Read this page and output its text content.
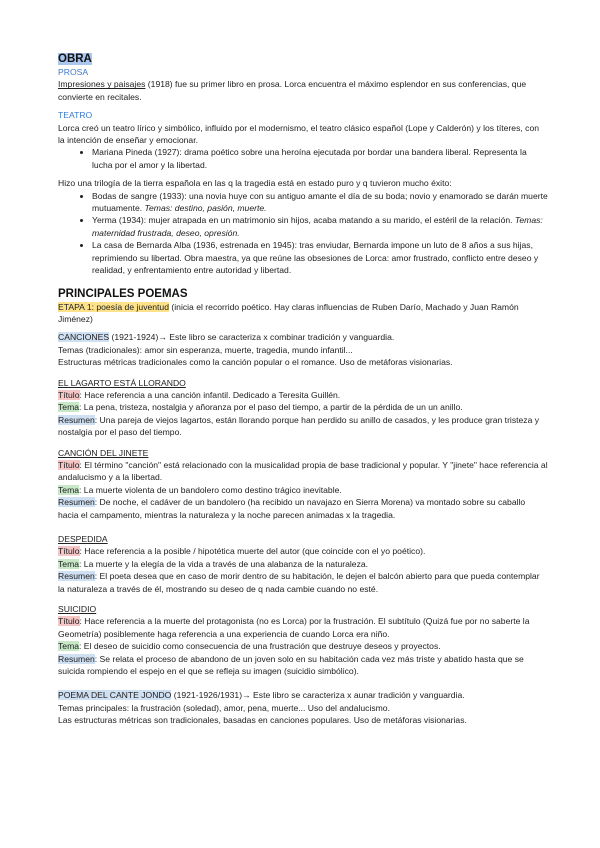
OBRA

PROSA

Impresiones y paisajes (1918) fue su primer libro en prosa. Lorca encuentra el máximo esplendor en sus conferencias, que convierte en recitales.

TEATRO

Lorca creó un teatro lírico y simbólico, influido por el modernismo, el teatro clásico español (Lope y Calderón) y los títeres, con la intención de enseñar y emocionar.

• Mariana Pineda (1927): drama poético sobre una heroína ejecutada por bordar una bandera liberal. Representa la lucha por el amor y la libertad.

Hizo una trilogía de la tierra española en las q la tragedia está en estado puro y q tuvieron mucho éxito:

• Bodas de sangre (1933): una novia huye con su antiguo amante el día de su boda; novio y enamorado se darán muerte mutuamente. Temas: destino, pasión, muerte.
• Yerma (1934): mujer atrapada en un matrimonio sin hijos, acaba matando a su marido, el estéril de la relación. Temas: maternidad frustrada, deseo, opresión.
• La casa de Bernarda Alba (1936, estrenada en 1945): tras enviudar, Bernarda impone un luto de 8 años a sus hijas, reprimiendo su libertad. Obra maestra, ya que reúne las obsesiones de Lorca: amor frustrado, conflicto entre deseo y realidad, y enfrentamiento entre autoridad y libertad.

PRINCIPALES POEMAS

ETAPA 1: poesía de juventud (inicia el recorrido poético. Hay claras influencias de Ruben Darío, Machado y Juan Ramón Jiménez)

CANCIONES (1921-1924)→ Este libro se caracteriza x combinar tradición y vanguardia.

Temas (tradicionales): amor sin esperanza, muerte, tragedia, mundo infantil...

Estructuras métricas tradicionales como la canción popular o el romance. Uso de metáforas visionarias.

EL LAGARTO ESTÁ LLORANDO

Título: Hace referencia a una canción infantil. Dedicado a Teresita Guillén.

Tema: La pena, tristeza, nostalgia y añoranza por el paso del tiempo, a partir de la pérdida de un un anillo.

Resumen: Una pareja de viejos lagartos, están llorando porque han perdido su anillo de casados, y les produce gran tristeza y nostalgia por el paso del tiempo.

CANCIÓN DEL JINETE

Título: El término "canción" está relacionado con la musicalidad propia de base tradicional y popular. Y "jinete" hace referencia al andalucismo y a la libertad.

Tema: La muerte violenta de un bandolero como destino trágico inevitable.

Resumen: De noche, el cadáver de un bandolero (ha recibido un navajazo en Sierra Morena) va montado sobre su caballo hacia el campamento, mientras la naturaleza y la noche parecen animadas x la tragedia.

DESPEDIDA

Título: Hace referencia a la posible / hipotética muerte del autor (que coincide con el yo poético).

Tema: La muerte y la elegía de la vida a través de una alabanza de la naturaleza.

Resumen: El poeta desea que en caso de morir dentro de su habitación, le dejen el balcón abierto para que pueda contemplar la naturaleza a través de él, mostrando su deseo de q nada cambie cuando no esté.

SUICIDIO

Título: Hace referencia a la muerte del protagonista (no es Lorca) por la frustración. El subtítulo (Quizá fue por no saberte la Geometría) posiblemente haga referencia a una experiencia de cuando Lorca era niño.

Tema: El deseo de suicidio como consecuencia de una frustración que destruye deseos y proyectos.

Resumen: Se relata el proceso de abandono de un joven solo en su habitación cada vez más triste y abatido hasta que se suicida rompiendo el espejo en el que se refleja su imagen (suicidio simbólico).

POEMA DEL CANTE JONDO (1921-1926/1931)→ Este libro se caracteriza x aunar tradición y vanguardia.

Temas principales: la frustración (soledad), amor, pena, muerte... Uso del andalucismo.

Las estructuras métricas son tradicionales, basadas en canciones populares. Uso de metáforas visionarias.
